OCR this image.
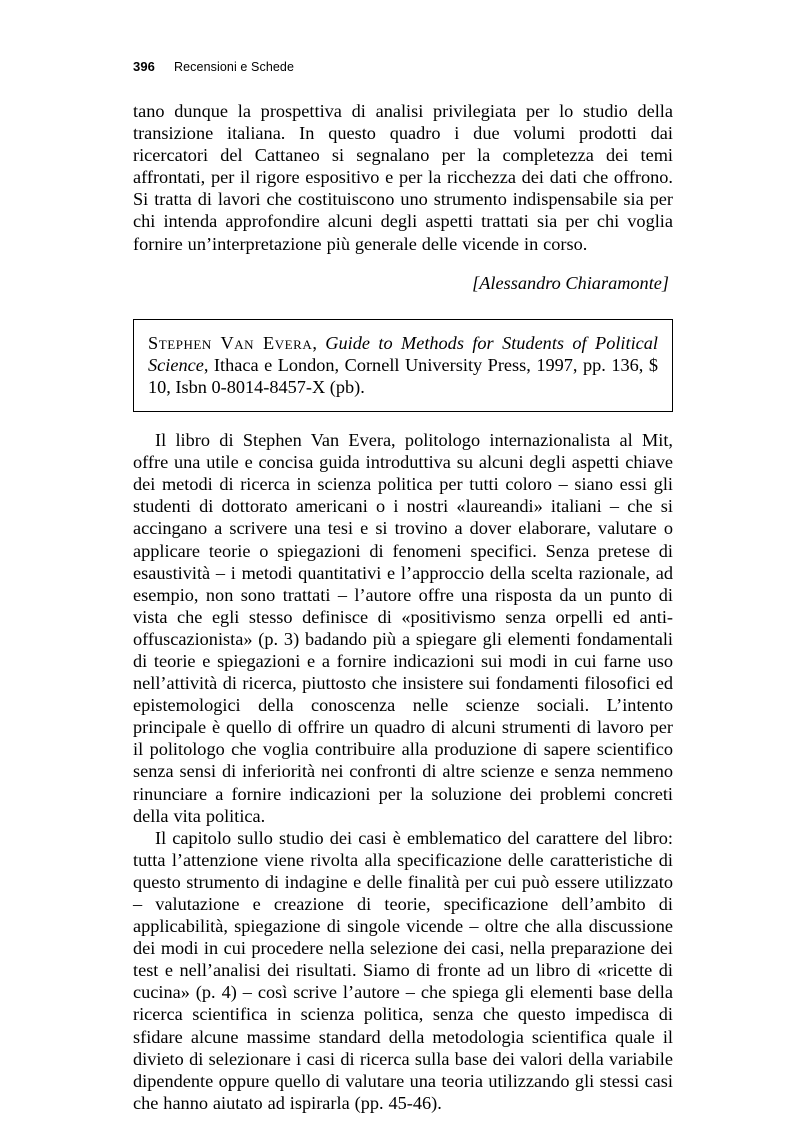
396 Recensioni e Schede

tano dunque la prospettiva di analisi privilegiata per lo studio della transizione italiana. In questo quadro i due volumi prodotti dai ricercatori del Cattaneo si segnalano per la completezza dei temi affrontati, per il rigore espositivo e per la ricchezza dei dati che offrono. Si tratta di lavori che costituiscono uno strumento indispensabile sia per chi intenda approfondire alcuni degli aspetti trattati sia per chi voglia fornire un’interpretazione più generale delle vicende in corso.

[Alessandro Chiaramonte]

Stephen Van Evera, Guide to Methods for Students of Political Science, Ithaca e London, Cornell University Press, 1997, pp. 136, $ 10, Isbn 0-8014-8457-X (pb).

Il libro di Stephen Van Evera, politologo internazionalista al Mit, offre una utile e concisa guida introduttiva su alcuni degli aspetti chiave dei metodi di ricerca in scienza politica per tutti coloro – siano essi gli studenti di dottorato americani o i nostri «laureandi» italiani – che si accingano a scrivere una tesi e si trovino a dover elaborare, valutare o applicare teorie o spiegazioni di fenomeni specifici. Senza pretese di esaustività – i metodi quantitativi e l’approccio della scelta razionale, ad esempio, non sono trattati – l’autore offre una risposta da un punto di vista che egli stesso definisce di «positivismo senza orpelli ed anti-offuscazionista» (p. 3) badando più a spiegare gli elementi fondamentali di teorie e spiegazioni e a fornire indicazioni sui modi in cui farne uso nell’attività di ricerca, piuttosto che insistere sui fondamenti filosofici ed epistemologici della conoscenza nelle scienze sociali. L’intento principale è quello di offrire un quadro di alcuni strumenti di lavoro per il politologo che voglia contribuire alla produzione di sapere scientifico senza sensi di inferiorità nei confronti di altre scienze e senza nemmeno rinunciare a fornire indicazioni per la soluzione dei problemi concreti della vita politica.

Il capitolo sullo studio dei casi è emblematico del carattere del libro: tutta l’attenzione viene rivolta alla specificazione delle caratteristiche di questo strumento di indagine e delle finalità per cui può essere utilizzato – valutazione e creazione di teorie, specificazione dell’ambito di applicabilità, spiegazione di singole vicende – oltre che alla discussione dei modi in cui procedere nella selezione dei casi, nella preparazione dei test e nell’analisi dei risultati. Siamo di fronte ad un libro di «ricette di cucina» (p. 4) – così scrive l’autore – che spiega gli elementi base della ricerca scientifica in scienza politica, senza che questo impedisca di sfidare alcune massime standard della metodologia scientifica quale il divieto di selezionare i casi di ricerca sulla base dei valori della variabile dipendente oppure quello di valutare una teoria utilizzando gli stessi casi che hanno aiutato ad ispirarla (pp. 45-46).
